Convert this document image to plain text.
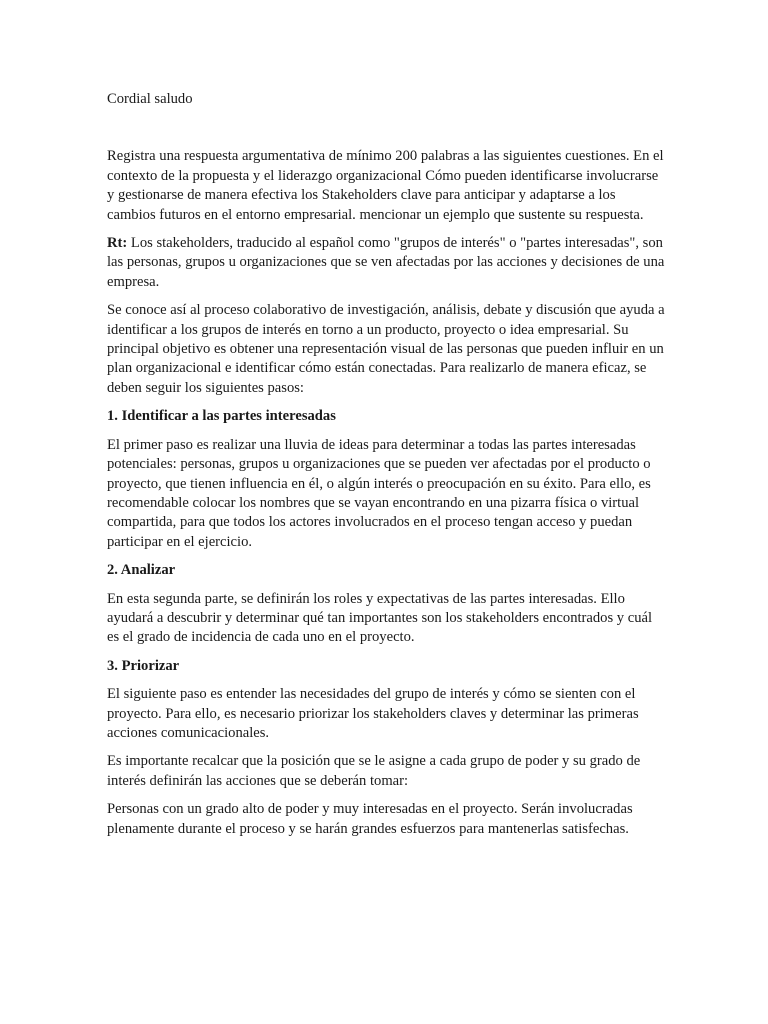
Cordial saludo

Registra una respuesta argumentativa de mínimo 200 palabras a las siguientes cuestiones. En el contexto de la propuesta y el liderazgo organizacional Cómo pueden identificarse involucrarse y gestionarse de manera efectiva los Stakeholders clave para anticipar y adaptarse a los cambios futuros en el entorno empresarial. mencionar un ejemplo que sustente su respuesta.

Rt: Los stakeholders, traducido al español como "grupos de interés" o "partes interesadas", son las personas, grupos u organizaciones que se ven afectadas por las acciones y decisiones de una empresa.

Se conoce así al proceso colaborativo de investigación, análisis, debate y discusión que ayuda a identificar a los grupos de interés en torno a un producto, proyecto o idea empresarial. Su principal objetivo es obtener una representación visual de las personas que pueden influir en un plan organizacional e identificar cómo están conectadas. Para realizarlo de manera eficaz, se deben seguir los siguientes pasos:

1. Identificar a las partes interesadas

El primer paso es realizar una lluvia de ideas para determinar a todas las partes interesadas potenciales: personas, grupos u organizaciones que se pueden ver afectadas por el producto o proyecto, que tienen influencia en él, o algún interés o preocupación en su éxito. Para ello, es recomendable colocar los nombres que se vayan encontrando en una pizarra física o virtual compartida, para que todos los actores involucrados en el proceso tengan acceso y puedan participar en el ejercicio.

2. Analizar

En esta segunda parte, se definirán los roles y expectativas de las partes interesadas. Ello ayudará a descubrir y determinar qué tan importantes son los stakeholders encontrados y cuál es el grado de incidencia de cada uno en el proyecto.

3. Priorizar

El siguiente paso es entender las necesidades del grupo de interés y cómo se sienten con el proyecto. Para ello, es necesario priorizar los stakeholders claves y determinar las primeras acciones comunicacionales.

Es importante recalcar que la posición que se le asigne a cada grupo de poder y su grado de interés definirán las acciones que se deberán tomar:

Personas con un grado alto de poder y muy interesadas en el proyecto. Serán involucradas plenamente durante el proceso y se harán grandes esfuerzos para mantenerlas satisfechas.
